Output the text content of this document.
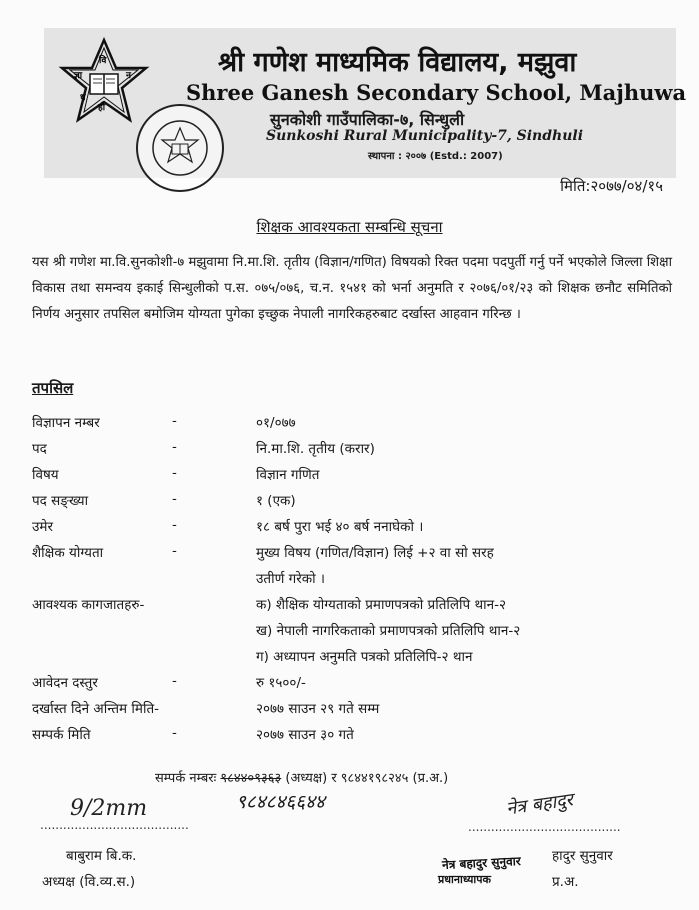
वि
ज्ञा	न
हो
ध
श्री गणेश माध्यमिक विद्यालय, मझुवा
Shree Ganesh Secondary School, Majhuwa
सुनकोशी गाउँपालिका-७, सिन्धुली
Sunkoshi Rural Municipality-7, Sindhuli
स्थापना : २००७ (Estd.: 2007)
मिति:२०७७/०४/१५
शिक्षक आवश्यकता सम्बन्धि सूचना

यस श्री गणेश मा.वि.सुनकोशी-७ मझुवामा नि.मा.शि. तृतीय (विज्ञान/गणित) विषयको रिक्त पदमा पदपुर्ती गर्नु पर्ने भएकोले जिल्ला शिक्षा विकास तथा समन्वय इकाई सिन्धुलीको प.स. ०७५/०७६, च.न. १५४१ को भर्ना अनुमति र २०७६/०१/२३ को शिक्षक छनौट समितिको निर्णय अनुसार तपसिल बमोजिम योग्यता पुगेका इच्छुक नेपाली नागरिकहरुबाट दर्खास्त आहवान गरिन्छ ।

तपसिल
विज्ञापन नम्बर	-	०१/०७७
पद	-	नि.मा.शि. तृतीय (करार)
विषय	-	विज्ञान गणित
पद सङ्ख्या	-	१ (एक)
उमेर	-	१८ बर्ष पुरा भई ४० बर्ष ननाघेको ।
शैक्षिक योग्यता	-	मुख्य विषय (गणित/विज्ञान) लिई +२ वा सो सरह
उतीर्ण गरेको ।
आवश्यक कागजातहरु-	क) शैक्षिक योग्यताको प्रमाणपत्रको प्रतिलिपि थान-२
ख) नेपाली नागरिकताको प्रमाणपत्रको प्रतिलिपि थान-२
ग) अध्यापन अनुमति पत्रको प्रतिलिपि-२ थान
आवेदन दस्तुर	-	रु १५००/-
दर्खास्त दिने अन्तिम मिति-	२०७७ साउन २९ गते सम्म
सम्पर्क मिति	-	२०७७ साउन ३० गते
सम्पर्क नम्बरः ९८४४०९३६३ (अध्यक्ष) र ९८४४१९८२४५ (प्र.अ.)
९८४८४६६४४
9/2mm
.......................................
बाबुराम बि.क.
अध्यक्ष (वि.व्य.स.)
नेत्र बहादुर
........................................
नेत्र बहादुर सुनुवार
प्रधानाध्यापक
हादुर सुनुवार
प्र.अ.
